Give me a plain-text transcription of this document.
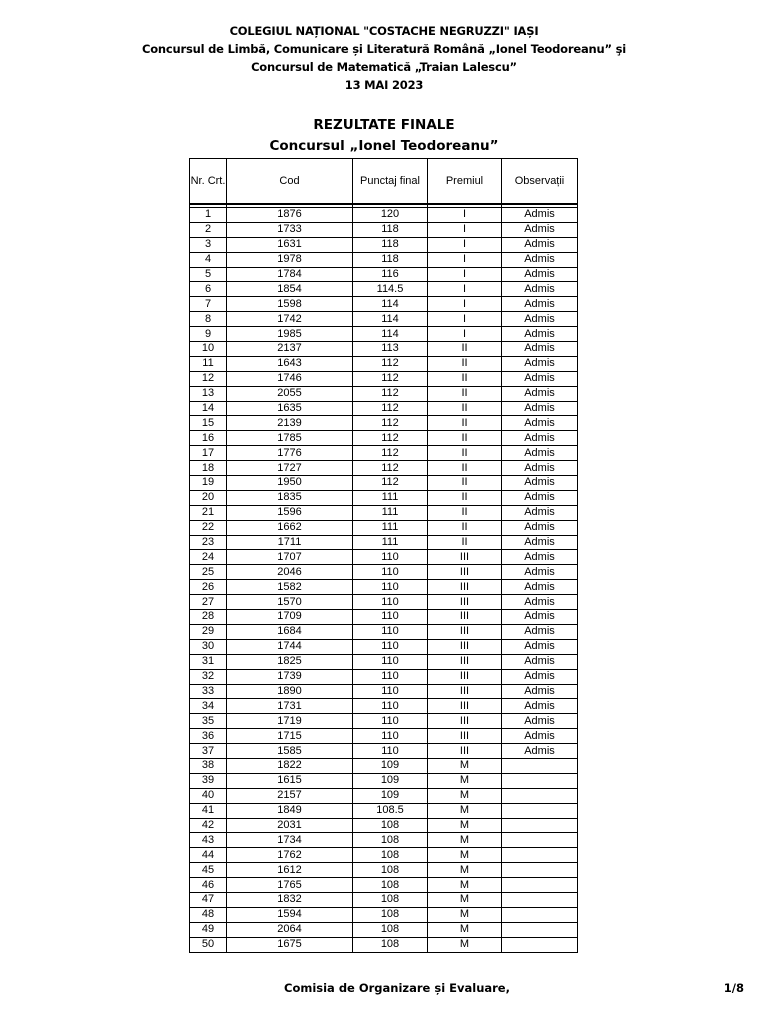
COLEGIUL NAȚIONAL "COSTACHE NEGRUZZI" IAȘI
Concursul de Limbă, Comunicare și Literatură Română „Ionel Teodoreanu” şi
Concursul de Matematică „Traian Lalescu”
13 MAI 2023
REZULTATE FINALE
Concursul „Ionel Teodoreanu”
Nr. Crt.	Cod	Punctaj final	Premiul	Observații

1	1876	120	I	Admis
2	1733	118	I	Admis
3	1631	118	I	Admis
4	1978	118	I	Admis
5	1784	116	I	Admis
6	1854	114.5	I	Admis
7	1598	114	I	Admis
8	1742	114	I	Admis
9	1985	114	I	Admis
10	2137	113	II	Admis
11	1643	112	II	Admis
12	1746	112	II	Admis
13	2055	112	II	Admis
14	1635	112	II	Admis
15	2139	112	II	Admis
16	1785	112	II	Admis
17	1776	112	II	Admis
18	1727	112	II	Admis
19	1950	112	II	Admis
20	1835	111	II	Admis
21	1596	111	II	Admis
22	1662	111	II	Admis
23	1711	111	II	Admis
24	1707	110	III	Admis
25	2046	110	III	Admis
26	1582	110	III	Admis
27	1570	110	III	Admis
28	1709	110	III	Admis
29	1684	110	III	Admis
30	1744	110	III	Admis
31	1825	110	III	Admis
32	1739	110	III	Admis
33	1890	110	III	Admis
34	1731	110	III	Admis
35	1719	110	III	Admis
36	1715	110	III	Admis
37	1585	110	III	Admis
38	1822	109	M	
39	1615	109	M	
40	2157	109	M	
41	1849	108.5	M	
42	2031	108	M	
43	1734	108	M	
44	1762	108	M	
45	1612	108	M	
46	1765	108	M	
47	1832	108	M	
48	1594	108	M	
49	2064	108	M	
50	1675	108	M	
Comisia de Organizare și Evaluare,	1/8
